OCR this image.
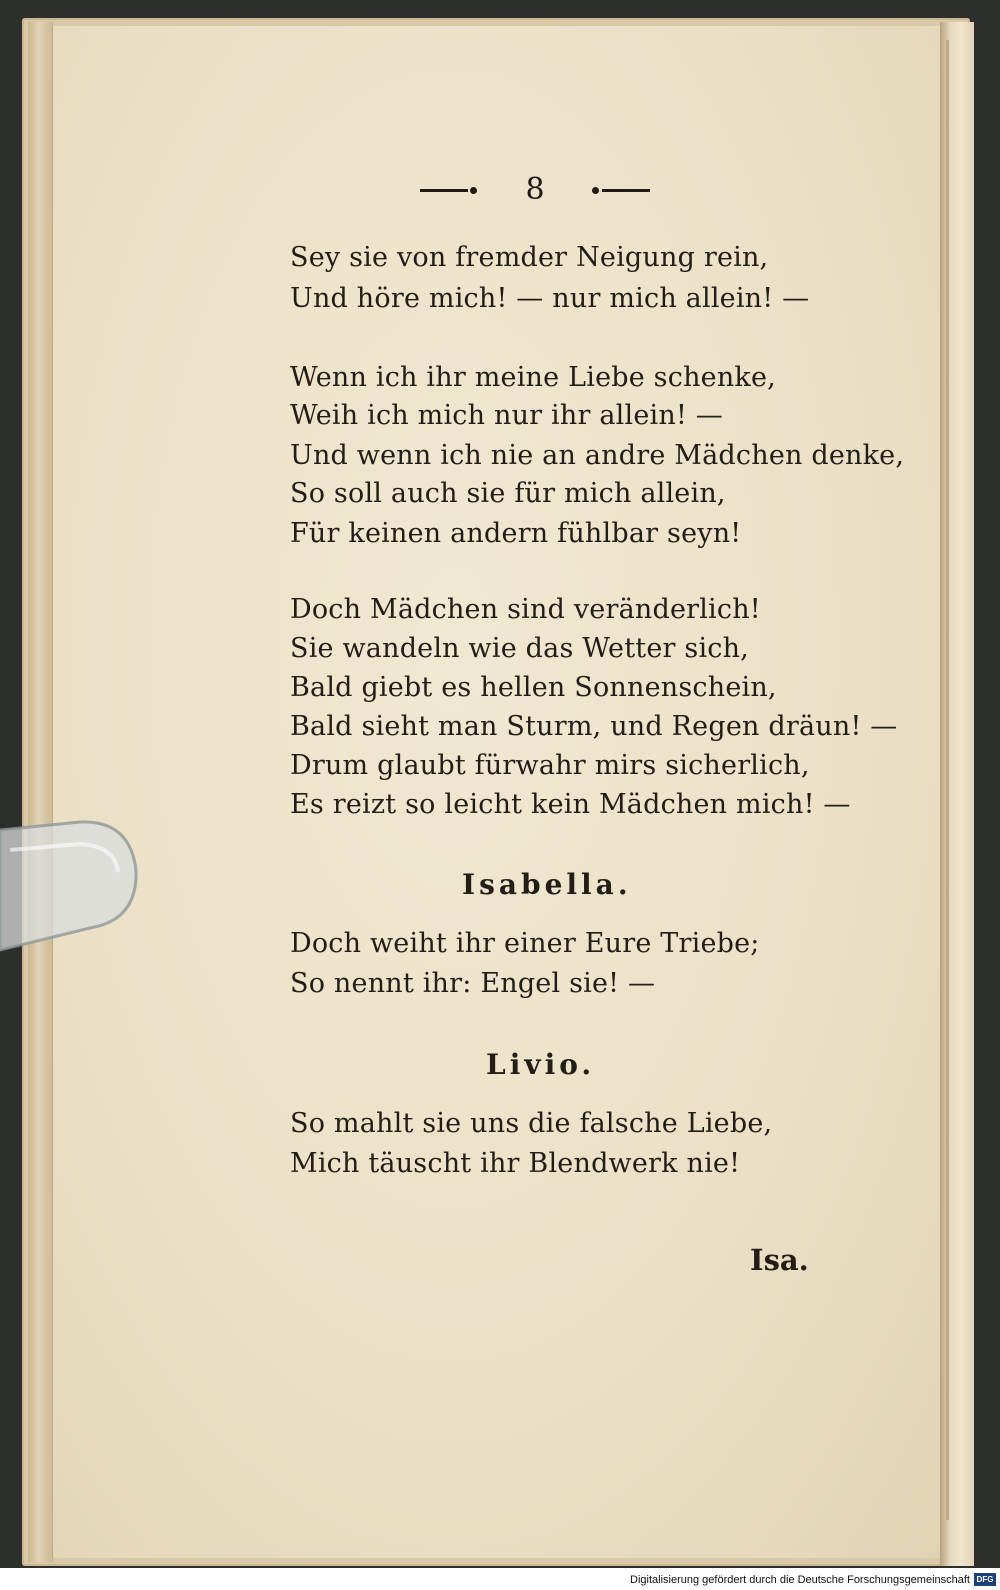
8
Sey sie von fremder Neigung rein,
Und höre mich! — nur mich allein! —
Wenn ich ihr meine Liebe schenke,
Weih ich mich nur ihr allein! —
Und wenn ich nie an andre Mädchen denke,
So soll auch sie für mich allein,
Für keinen andern fühlbar seyn!
Doch Mädchen sind veränderlich!
Sie wandeln wie das Wetter sich,
Bald giebt es hellen Sonnenschein,
Bald sieht man Sturm, und Regen dräun! —
Drum glaubt fürwahr mirs sicherlich,
Es reizt so leicht kein Mädchen mich! —
Isabella.
Doch weiht ihr einer Eure Triebe;
So nennt ihr: Engel sie! —
Livio.
So mahlt sie uns die falsche Liebe,
Mich täuscht ihr Blendwerk nie!
Isa.
Digitalisierung gefördert durch die Deutsche Forschungsgemeinschaft DFG
